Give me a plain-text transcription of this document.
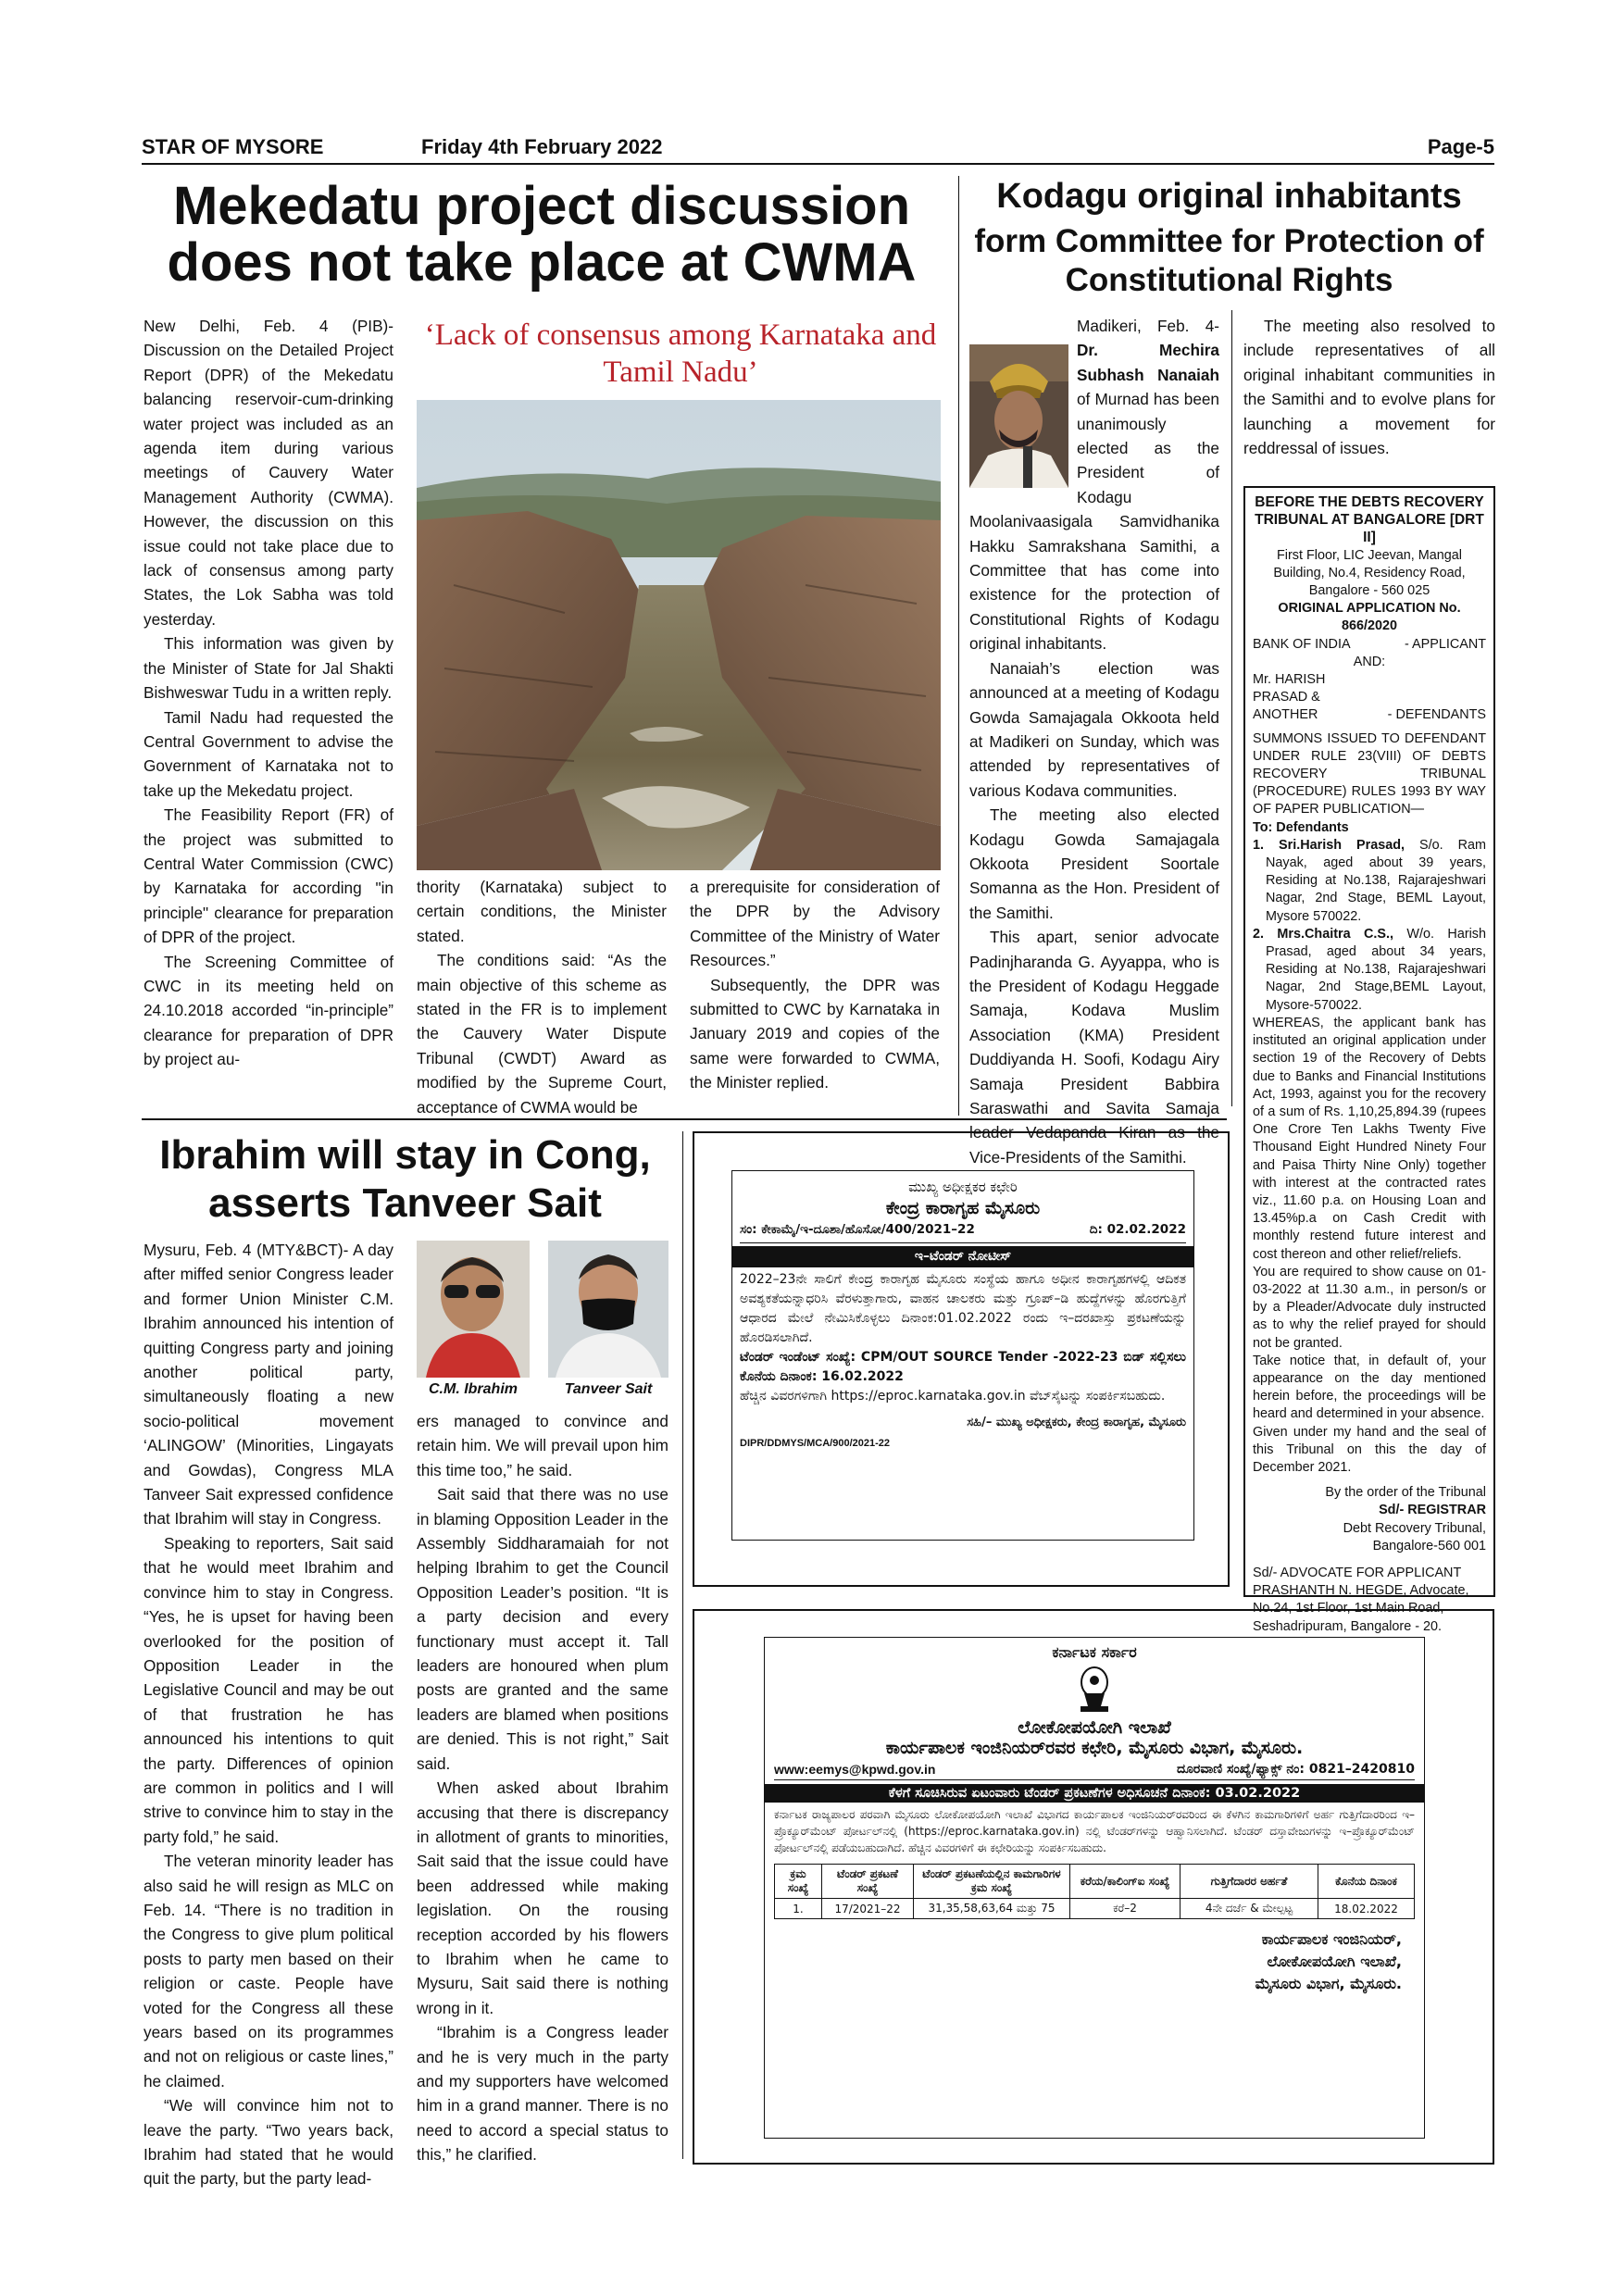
STAR OF MYSORE	Friday 4th February 2022	Page-5
Mekedatu project discussion does not take place at CWMA

New Delhi, Feb. 4 (PIB)- Discussion on the Detailed Project Report (DPR) of the Mekedatu balancing reservoir-cum-drinking water project was included as an agenda item during various meetings of Cauvery Water Management Authority (CWMA). However, the discussion on this issue could not take place due to lack of consensus among party States, the Lok Sabha was told yesterday.

This information was given by the Minister of State for Jal Shakti Bishweswar Tudu in a written reply.

Tamil Nadu had requested the Central Government to advise the Government of Karnataka not to take up the Mekedatu project.

The Feasibility Report (FR) of the project was submitted to Central Water Commission (CWC) by Karnataka for according "in principle" clearance for preparation of DPR of the project.

The Screening Committee of CWC in its meeting held on 24.10.2018 accorded “in-principle” clearance for preparation of DPR by project au-

‘Lack of consensus among Karnataka and Tamil Nadu’

thority (Karnataka) subject to certain conditions, the Minister stated.

The conditions said: “As the main objective of this scheme as stated in the FR is to implement the Cauvery Water Dispute Tribunal (CWDT) Award as modified by the Supreme Court, acceptance of CWMA would be

a prerequisite for consideration of the DPR by the Advisory Committee of the Ministry of Water Resources.”

Subsequently, the DPR was submitted to CWC by Karnataka in January 2019 and copies of the same were forwarded to CWMA, the Minister replied.

Kodagu original inhabitants
form Committee for Protection of Constitutional Rights

Madikeri, Feb. 4- Dr. Mechira Subhash Nanaiah of Murnad has been unanimously elected as the President of Kodagu Moolanivaasigala Samvidhanika Hakku Samrakshana Samithi, a Committee that has come into existence for the protection of Constitutional Rights of Kodagu original inhabitants.

Nanaiah’s election was announced at a meeting of Kodagu Gowda Samajagala Okkoota held at Madikeri on Sunday, which was attended by representatives of various Kodava communities.

The meeting also elected Kodagu Gowda Samajagala Okkoota President Soortale Somanna as the Hon. President of the Samithi.

This apart, senior advocate Padinjharanda G. Ayyappa, who is the President of Kodagu Heggade Samaja, Kodava Muslim Association (KMA) President Duddiyanda H. Soofi, Kodagu Airy Samaja President Babbira Saraswathi and Savita Samaja leader Vedapanda Kiran as the Vice-Presidents of the Samithi.

The meeting also resolved to include representatives of all original inhabitant communities in the Samithi and to evolve plans for launching a movement for reddressal of issues.

BEFORE THE DEBTS RECOVERY

TRIBUNAL AT BANGALORE [DRT II]

First Floor, LIC Jeevan, Mangal Building, No.4, Residency Road, Bangalore - 560 025

ORIGINAL APPLICATION No. 866/2020

BANK OF INDIA	- APPLICANT

AND:

Mr. HARISH PRASAD & ANOTHER	- DEFENDANTS

SUMMONS ISSUED TO DEFENDANT UNDER RULE 23(VIII) OF DEBTS RECOVERY TRIBUNAL (PROCEDURE) RULES 1993 BY WAY OF PAPER PUBLICATION—

To: Defendants

1. Sri.Harish Prasad, S/o. Ram Nayak, aged about 39 years, Residing at No.138, Rajarajeshwari Nagar, 2nd Stage, BEML Layout, Mysore 570022.

2. Mrs.Chaitra C.S., W/o. Harish Prasad, aged about 34 years, Residing at No.138, Rajarajeshwari Nagar, 2nd Stage,BEML Layout, Mysore-570022.

WHEREAS, the applicant bank has instituted an original application under section 19 of the Recovery of Debts due to Banks and Financial Institutions Act, 1993, against you for the recovery of a sum of Rs. 1,10,25,894.39 (rupees One Crore Ten Lakhs Twenty Five Thousand Eight Hundred Ninety Four and Paisa Thirty Nine Only) together with interest at the contracted rates viz., 11.60 p.a. on Housing Loan and 13.45%p.a on Cash Credit with monthly restend future interest and cost thereon and other relief/reliefs.

You are required to show cause on 01-03-2022 at 11.30 a.m., in person/s or by a Pleader/Advocate duly instructed as to why the relief prayed for should not be granted.

Take notice that, in default of, your appearance on the day mentioned herein before, the proceedings will be heard and determined in your absence.

Given under my hand and the seal of this Tribunal on this the day of December 2021.

By the order of the Tribunal

Sd/- REGISTRAR

Debt Recovery Tribunal, Bangalore-560 001

Sd/- ADVOCATE FOR APPLICANT PRASHANTH N. HEGDE, Advocate, No.24, 1st Floor, 1st Main Road, Seshadripuram, Bangalore - 20.

Ibrahim will stay in Cong, asserts Tanveer Sait
C.M. Ibrahim	Tanveer Sait

Mysuru, Feb. 4 (MTY&BCT)- A day after miffed senior Congress leader and former Union Minister C.M. Ibrahim announced his intention of quitting Congress party and joining another political party, simultaneously floating a new socio-political movement ‘ALINGOW’ (Minorities, Lingayats and Gowdas), Congress MLA Tanveer Sait expressed confidence that Ibrahim will stay in Congress.

Speaking to reporters, Sait said that he would meet Ibrahim and convince him to stay in Congress. “Yes, he is upset for having been overlooked for the position of Opposition Leader in the Legislative Council and may be out of that frustration he has announced his intentions to quit the party. Differences of opinion are common in politics and I will strive to convince him to stay in the party fold,” he said.

The veteran minority leader has also said he will resign as MLC on Feb. 14. “There is no tradition in the Congress to give plum political posts to party men based on their religion or caste. People have voted for the Congress all these years based on its programmes and not on religious or caste lines,” he claimed.

“We will convince him not to leave the party. “Two years back, Ibrahim had stated that he would quit the party, but the party lead-

ers managed to convince and retain him. We will prevail upon him this time too,” he said.

Sait said that there was no use in blaming Opposition Leader in the Assembly Siddharamaiah for not helping Ibrahim to get the Council Opposition Leader’s position. “It is a party decision and every functionary must accept it. Tall leaders are honoured when plum posts are granted and the same leaders are blamed when positions are denied. This is not right,” Sait said.

When asked about Ibrahim accusing that there is discrepancy in allotment of grants to minorities, Sait said that the issue could have been addressed while making legislation. On the rousing reception accorded by his flowers to Ibrahim when he came to Mysuru, Sait said there is nothing wrong in it.

“Ibrahim is a Congress leader and he is very much in the party and my supporters have welcomed him in a grand manner. There is no need to accord a special status to this,” he clarified.

ಮುಖ್ಯ ಅಧೀಕ್ಷಕರ ಕಛೇರಿ
ಕೇಂದ್ರ ಕಾರಾಗೃಹ ಮೈಸೂರು
ಸಂ: ಕೇಕಾಮೈ/ಇ-ದೂಶಾ/ಹೊಸೋ/400/2021–22	ದಿ: 02.02.2022
ಇ–ಟೆಂಡರ್ ನೋಟೀಸ್
2022–23ನೇ ಸಾಲಿಗೆ ಕೇಂದ್ರ ಕಾರಾಗೃಹ ಮೈಸೂರು ಸಂಸ್ಥೆಯ ಹಾಗೂ ಅಧೀನ ಕಾರಾಗೃಹಗಳಲ್ಲಿ ಆದಿಕತ ಅವಶ್ಯಕತೆಯನ್ನಾಧರಿಸಿ ವೆರಳುತ್ತಾಗಾರು, ವಾಹನ ಚಾಲಕರು ಮತ್ತು ಗ್ರೂಪ್–ಡಿ ಹುದ್ದೆಗಳನ್ನು ಹೊರಗುತ್ತಿಗೆ ಆಧಾರದ ಮೇಲೆ ನೇಮಿಸಿಕೊಳ್ಳಲು ದಿನಾಂಕ:01.02.2022 ರಂದು ಇ–ದರಖಾಸ್ತು ಪ್ರಕಟಣೆಯನ್ನು ಹೊರಡಿಸಲಾಗಿದೆ.
ಟೆಂಡರ್ ಇಂಡೆಂಟ್ ಸಂಖ್ಯೆ: CPM/OUT SOURCE Tender -2022-23 ಬಿಡ್ ಸಲ್ಲಿಸಲು ಕೊನೆಯ ದಿನಾಂಕ: 16.02.2022
ಹೆಚ್ಚಿನ ವಿವರಗಳಿಗಾಗಿ https://eproc.karnataka.gov.in ವೆಬ್‌ಸೈಟನ್ನು ಸಂಪರ್ಕಿಸಬಹುದು.
ಸಹಿ/– ಮುಖ್ಯ ಅಧೀಕ್ಷಕರು, ಕೇಂದ್ರ ಕಾರಾಗೃಹ, ಮೈಸೂರು
DIPR/DDMYS/MCA/900/2021-22
ಕರ್ನಾಟಕ ಸರ್ಕಾರ
ಲೋಕೋಪಯೋಗಿ ಇಲಾಖೆ
ಕಾರ್ಯಪಾಲಕ ಇಂಜಿನಿಯರ್‌ರವರ ಕಛೇರಿ, ಮೈಸೂರು ವಿಭಾಗ, ಮೈಸೂರು.
www:eemys@kpwd.gov.in	ದೂರವಾಣಿ ಸಂಖ್ಯೆ/ಫ್ಯಾಕ್ಸ್ ನಂ: 0821–2420810
ಕೆಳಗೆ ಸೂಚಿಸಿರುವ ಏಟಂವಾರು ಟೆಂಡರ್ ಪ್ರಕಟಣೆಗಳ ಅಧಿಸೂಚನೆ ದಿನಾಂಕ: 03.02.2022
ಕರ್ನಾಟಕ ರಾಜ್ಯಪಾಲರ ಪರವಾಗಿ ಮೈಸೂರು ಲೋಕೋಪಯೋಗಿ ಇಲಾಖೆ ವಿಭಾಗದ ಕಾರ್ಯಪಾಲಕ ಇಂಜಿನಿಯರ್‌ರವರಿಂದ ಈ ಕೆಳಗಿನ ಕಾಮಗಾರಿಗಳಿಗೆ ಅರ್ಹ ಗುತ್ತಿಗೆದಾರರಿಂದ ಇ–ಪ್ರೊಕ್ಯೂರ್‌ಮೆಂಟ್ ಪೋರ್ಟಲ್‌ನಲ್ಲಿ (https://eproc.karnataka.gov.in) ನಲ್ಲಿ ಟೆಂಡರ್‌ಗಳನ್ನು ಆಹ್ವಾನಿಸಲಾಗಿದೆ. ಟೆಂಡರ್ ದಸ್ತಾವೇಜುಗಳನ್ನು ಇ–ಪ್ರೊಕ್ಯೂರ್‌ಮೆಂಟ್ ಪೋರ್ಟಲ್‌ನಲ್ಲಿ ಪಡೆಯಬಹುದಾಗಿದೆ. ಹೆಚ್ಚಿನ ವಿವರಗಳಿಗೆ ಈ ಕಛೇರಿಯನ್ನು ಸಂಪರ್ಕಿಸಬಹುದು.
ಕ್ರಮ ಸಂಖ್ಯೆ	ಟೆಂಡರ್ ಪ್ರಕಟಣೆ ಸಂಖ್ಯೆ	ಟೆಂಡರ್ ಪ್ರಕಟಣೆಯಲ್ಲಿನ ಕಾಮಗಾರಿಗಳ ಕ್ರಮ ಸಂಖ್ಯೆ	ಕರೆಯ/ಕಾಲಿಂಗ್‌ಐ ಸಂಖ್ಯೆ	ಗುತ್ತಿಗೆದಾರರ ಅರ್ಹತೆ	ಕೊನೆಯ ದಿನಾಂಕ
1.	17/2021–22	31,35,58,63,64 ಮತ್ತು 75	ಕರೆ–2	4ನೇ ದರ್ಜೆ & ಮೇಲ್ಪಟ್ಟ	18.02.2022
ಕಾರ್ಯಪಾಲಕ ಇಂಜಿನಿಯರ್,
ಲೋಕೋಪಯೋಗಿ ಇಲಾಖೆ,
ಮೈಸೂರು ವಿಭಾಗ, ಮೈಸೂರು.
